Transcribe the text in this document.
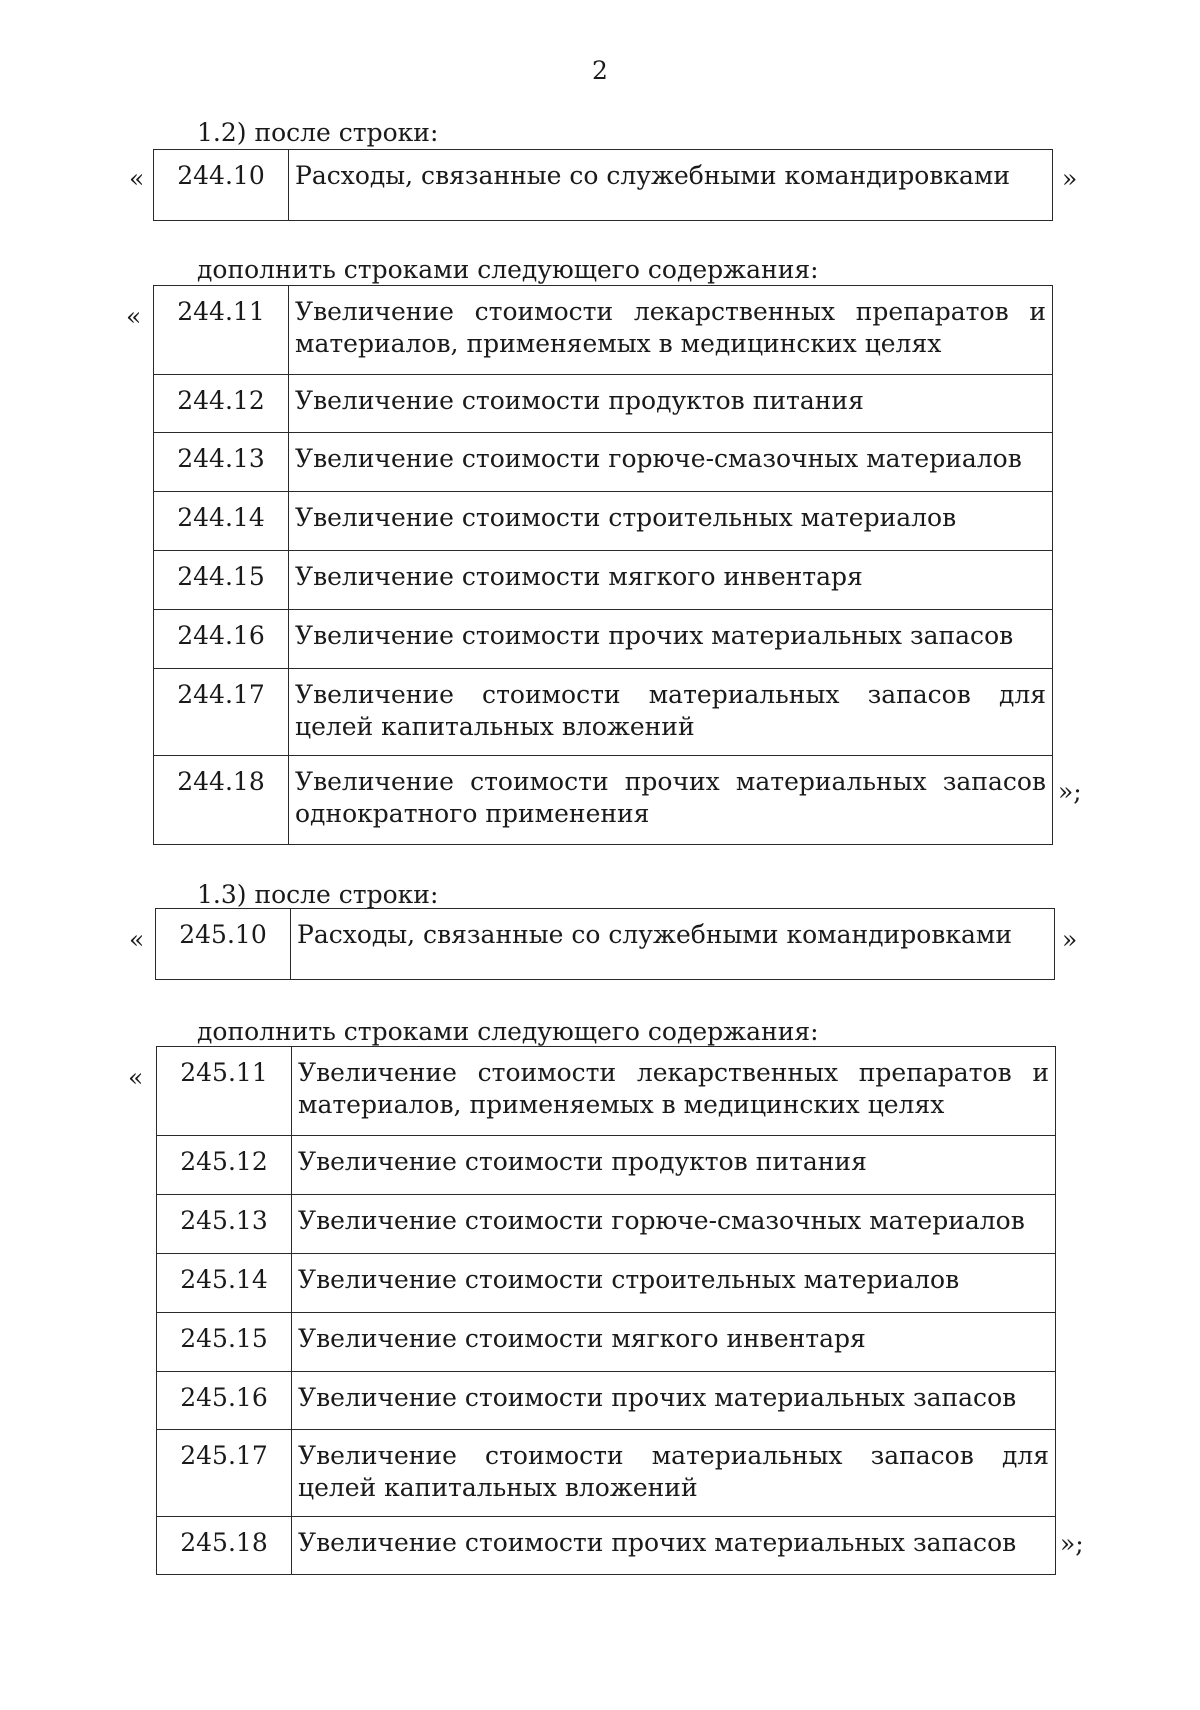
2
1.2) после строки:
«	244.10	Расходы, связанные со служебными командировками	»
дополнить строками следующего содержания:
«	244.11	Увеличение стоимости лекарственных препаратов и материалов, применяемых в медицинских целях

244.12	Увеличение стоимости продуктов питания

244.13	Увеличение стоимости горюче-смазочных материалов

244.14	Увеличение стоимости строительных материалов

244.15	Увеличение стоимости мягкого инвентаря

244.16	Увеличение стоимости прочих материальных запасов

244.17	Увеличение стоимости материальных запасов для целей капитальных вложений

244.18	Увеличение стоимости прочих материальных запасов однократного применения
»;
1.3) после строки:
«	245.10	Расходы, связанные со служебными командировками	»
дополнить строками следующего содержания:
«	245.11	Увеличение стоимости лекарственных препаратов и материалов, применяемых в медицинских целях

245.12	Увеличение стоимости продуктов питания

245.13	Увеличение стоимости горюче-смазочных материалов

245.14	Увеличение стоимости строительных материалов

245.15	Увеличение стоимости мягкого инвентаря

245.16	Увеличение стоимости прочих материальных запасов

245.17	Увеличение стоимости материальных запасов для целей капитальных вложений

245.18	Увеличение стоимости прочих материальных запасов	»;
